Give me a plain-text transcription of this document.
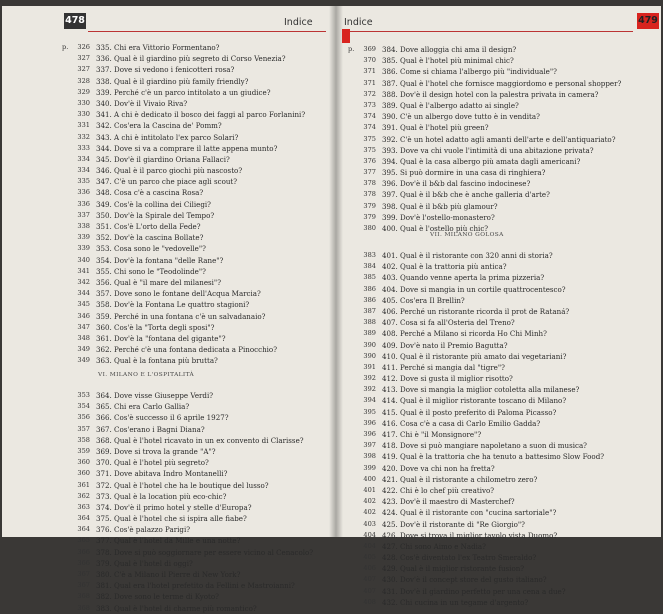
478	Indice
p.	326 335. Chi era Vittorio Formentano?
327 336. Qual è il giardino più segreto di Corso Venezia?
327 337. Dove si vedono i fenicotteri rosa?
328 338. Qual è il giardino più family friendly?
329 339. Perché c'è un parco intitolato a un giudice?
330 340. Dov'è il Vivaio Riva?
330 341. A chi è dedicato il bosco dei faggi al parco Forlanini?
331 342. Cos'era la Cascina de' Pomm?
332 343. A chi è intitolato l'ex parco Solari?
333 344. Dove si va a comprare il latte appena munto?
334 345. Dov'è il giardino Oriana Fallaci?
334 346. Qual è il parco giochi più nascosto?
335 347. C'è un parco che piace agli scout?
336 348. Cosa c'è a cascina Rosa?
336 349. Cos'è la collina dei Ciliegi?
337 350. Dov'è la Spirale del Tempo?
338 351. Cos'è L'orto della Fede?
339 352. Dov'è la cascina Bollate?
339 353. Cosa sono le "vedovelle"?
340 354. Dov'è la fontana "delle Rane"?
341 355. Chi sono le "Teodolinde"?
342 356. Qual è "il mare del milanesi"?
344 357. Dove sono le fontane dell'Acqua Marcia?
345 358. Dov'è la Fontana Le quattro stagioni?
346 359. Perché in una fontana c'è un salvadanaio?
347 360. Cos'è la "Torta degli sposi"?
348 361. Dov'è la "fontana del gigante"?
349 362. Perché c'è una fontana dedicata a Pinocchio?
349 363. Qual è la fontana più brutta?
VI. MILANO E L'OSPITALITÀ
353 364. Dove visse Giuseppe Verdi?
354 365. Chi era Carlo Gallia?
356 366. Cos'è successo il 6 aprile 1927?
357 367. Cos'erano i Bagni Diana?
358 368. Qual è l'hotel ricavato in un ex convento di Clarisse?
359 369. Dove si trova la grande "A"?
360 370. Qual è l'hotel più segreto?
360 371. Dove abitava Indro Montanelli?
361 372. Qual è l'hotel che ha le boutique del lusso?
362 373. Qual è la location più eco-chic?
363 374. Dov'è il primo hotel y stelle d'Europa?
364 375. Qual è l'hotel che si ispira alle fiabe?
364 376. Cos'è palazzo Parigi?
365 377. Qual è l'hotel da Mille e una notte?
366 378. Dove si può soggiornare per essere vicino al Cenacolo?
366 379. Qual è l'hotel di oggi?
367 380. C'è a Milano il Pierre di New York?
367 381. Qual era l'hotel prefetito da Fellini e Mastroianni?
368 382. Dove sono le terme di Kyoto?
368 383. Qual è l'hotel di charme più romantico?
Indice	479
p.	369 384. Dove alloggia chi ama il design?
370 385. Qual è l'hotel più minimal chic?
371 386. Come si chiama l'albergo più "individuale"?
371 387. Qual è l'hotel che fornisce maggiordomo e personal shopper?
372 388. Dov'è il design hotel con la palestra privata in camera?
373 389. Qual è l'albergo adatto ai single?
374 390. C'è un albergo dove tutto è in vendita?
374 391. Qual è l'hotel più green?
375 392. C'è un hotel adatto agli amanti dell'arte e dell'antiquariato?
375 393. Dove va chi vuole l'intimità di una abitazione privata?
376 394. Qual è la casa albergo più amata dagli americani?
377 395. Si può dormire in una casa di ringhiera?
378 396. Dov'è il b&b dal fascino indocinese?
378 397. Qual è il b&b che è anche galleria d'arte?
379 398. Qual è il b&b più glamour?
379 399. Dov'è l'ostello-monastero?
380 400. Qual è l'ostello più chic?
VII. MILANO GOLOSA
383 401. Qual è il ristorante con 320 anni di storia?
384 402. Qual è la trattoria più antica?
385 403. Quando venne aperta la prima pizzeria?
386 404. Dove si mangia in un cortile quattrocentesco?
386 405. Cos'era Il Brellin?
387 406. Perché un ristorante ricorda il prot de Rataná?
388 407. Cosa si fa all'Osteria del Treno?
389 408. Perché a Milano si ricorda Ho Chi Minh?
390 409. Dov'è nato il Premio Bagutta?
390 410. Qual è il ristorante più amato dai vegetariani?
391 411. Perché si mangia dal "tigre"?
392 412. Dove si gusta il miglior risotto?
392 413. Dove si mangia la miglior cotoletta alla milanese?
394 414. Qual è il miglior ristorante toscano di Milano?
395 415. Qual è il posto preferito di Paloma Picasso?
396 416. Cosa c'è a casa di Carlo Emilio Gadda?
396 417. Chi è "il Monsignore"?
397 418. Dove si può mangiare napoletano a suon di musica?
398 419. Qual è la trattoria che ha tenuto a battesimo Slow Food?
399 420. Dove va chi non ha fretta?
400 421. Qual è il ristorante a chilometro zero?
401 422. Chi è lo chef più creativo?
402 423. Dov'è il maestro di Masterchef?
402 424. Qual è il ristorante con "cucina sartoriale"?
403 425. Dov'è il ristorante di "Re Giorgio"?
404 426. Dove si trova il miglior tavolo vista Duomo?
404 427. Chi sono Aimo e Nadia?
405 428. Cos'è diventato l'ex Teatro Smeraldo?
406 429. Qual è il miglior ristorante fusion?
407 430. Dov'è il concept store del gusto italiano?
407 431. Dov'è il giardino perfetto per una cena a due?
408 432. Chi cucina in un tegame d'argento?
